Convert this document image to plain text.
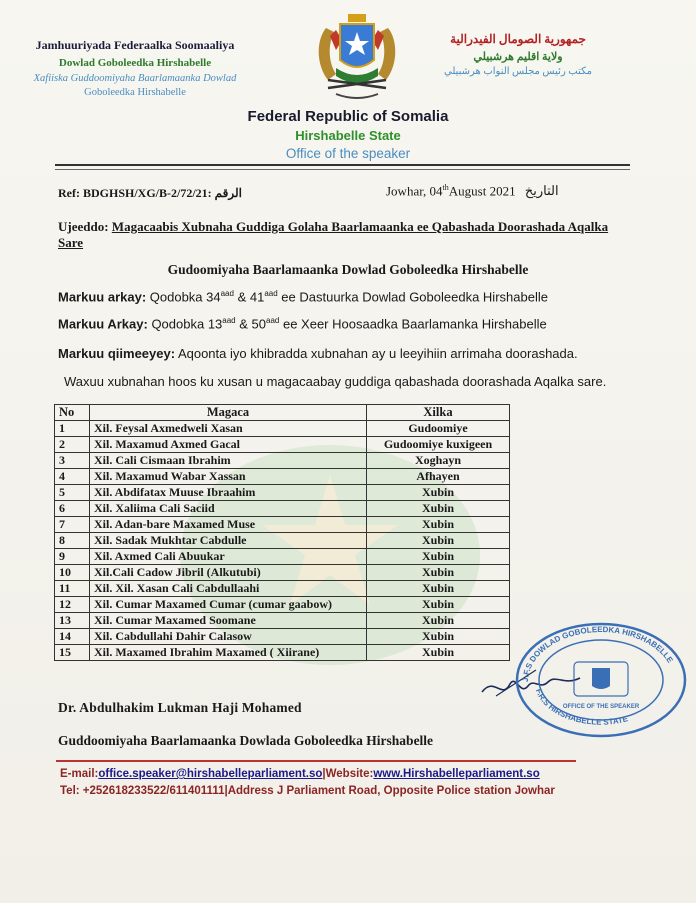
Jamhuuriyada Federaalka Soomaaliya
Dowlad Goboleedka Hirshabelle
Xafiiska Guddoomiyaha Baarlamaanka Dowlad
Goboleedka Hirshabelle
جمهورية الصومال الفيدرالية
ولاية اقليم هرشبيلي
مكتب رئيس مجلس النواب هرشبيلي
Federal Republic of Somalia
Hirshabelle State
Office of the speaker
Ref: BDGHSH/XG/B-2/72/21: الرقم	Jowhar, 04thAugust 2021 التاريخ
Ujeeddo: Magacaabis Xubnaha Guddiga Golaha Baarlamaanka ee Qabashada Doorashada Aqalka Sare
Gudoomiyaha Baarlamaanka Dowlad Goboleedka Hirshabelle
Markuu arkay: Qodobka $34^{aad}$ & $41^{aad}$ ee Dastuurka Dowlad Goboleedka Hirshabelle
Markuu Arkay: Qodobka $13^{aad}$ & $50^{aad}$ ee Xeer Hoosaadka Baarlamanka Hirshabelle
Markuu qiimeeyey: Aqoonta iyo khibradda xubnahan ay u leeyihiin arrimaha doorashada.
Waxuu xubnahan hoos ku xusan u magacaabay guddiga qabashada doorashada Aqalka sare.
No	Magaca	Xilka
1	Xil. Feysal Axmedweli Xasan	Gudoomiye
2	Xil. Maxamud Axmed Gacal	Gudoomiye kuxigeen
3	Xil. Cali Cismaan Ibrahim	Xoghayn
4	Xil. Maxamud Wabar Xassan	Afhayen
5	Xil. Abdifatax Muuse Ibraahim	Xubin
6	Xil. Xaliima Cali Saciid	Xubin
7	Xil. Adan-bare Maxamed Muse	Xubin
8	Xil. Sadak Mukhtar Cabdulle	Xubin
9	Xil. Axmed Cali Abuukar	Xubin
10	Xil.Cali Cadow Jibril (Alkutubi)	Xubin
11	Xil. Xil. Xasan Cali Cabdullaahi	Xubin
12	Xil. Cumar Maxamed Cumar (cumar gaabow)	Xubin
13	Xil. Cumar Maxamed Soomane	Xubin
14	Xil. Cabdullahi Dahir Calasow	Xubin
15	Xil. Maxamed Ibrahim Maxamed ( Xiirane)	Xubin
J.F.S DOWLAD GOBOLEEDKA HIRSHABELLE
F.R.S HIRSHABELLE STATE
OFFICE OF THE SPEAKER
Dr. Abdulhakim Lukman Haji Mohamed
Guddoomiyaha Baarlamaanka Dowlada Goboleedka Hirshabelle
E-mail:office.speaker@hirshabelleparliament.so|Website:www.Hirshabelleparliament.so
Tel: +252618233522/611401111|Address J Parliament Road, Opposite Police station Jowhar
